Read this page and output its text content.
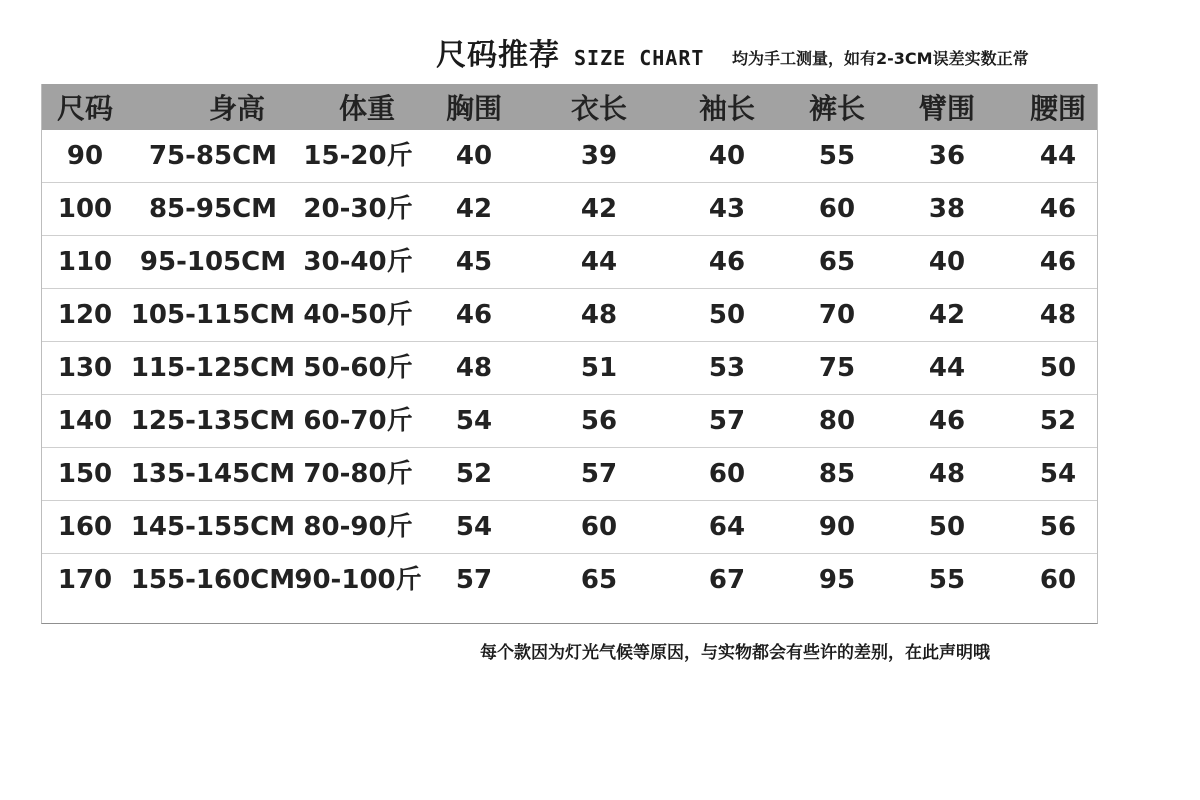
尺码推荐 SIZE CHART 均为手工测量，如有2-3CM误差实数正常
尺码	身高	体重	胸围	衣长	袖长	裤长	臂围	腰围
90	75-85CM	15-20斤	40	39	40	55	36	44
100	85-95CM	20-30斤	42	42	43	60	38	46
110	95-105CM 30-40斤	45	44	46	65	40	46
120 105-115CM 40-50斤	46	48	50	70	42	48
130 115-125CM 50-60斤	48	51	53	75	44	50
140 125-135CM 60-70斤	54	56	57	80	46	52
150 135-145CM 70-80斤	52	57	60	85	48	54
160 145-155CM 80-90斤	54	60	64	90	50	56
170 155-160CM 90-100斤	57	65	67	95	55	60
每个款因为灯光气候等原因，与实物都会有些许的差别，在此声明哦
